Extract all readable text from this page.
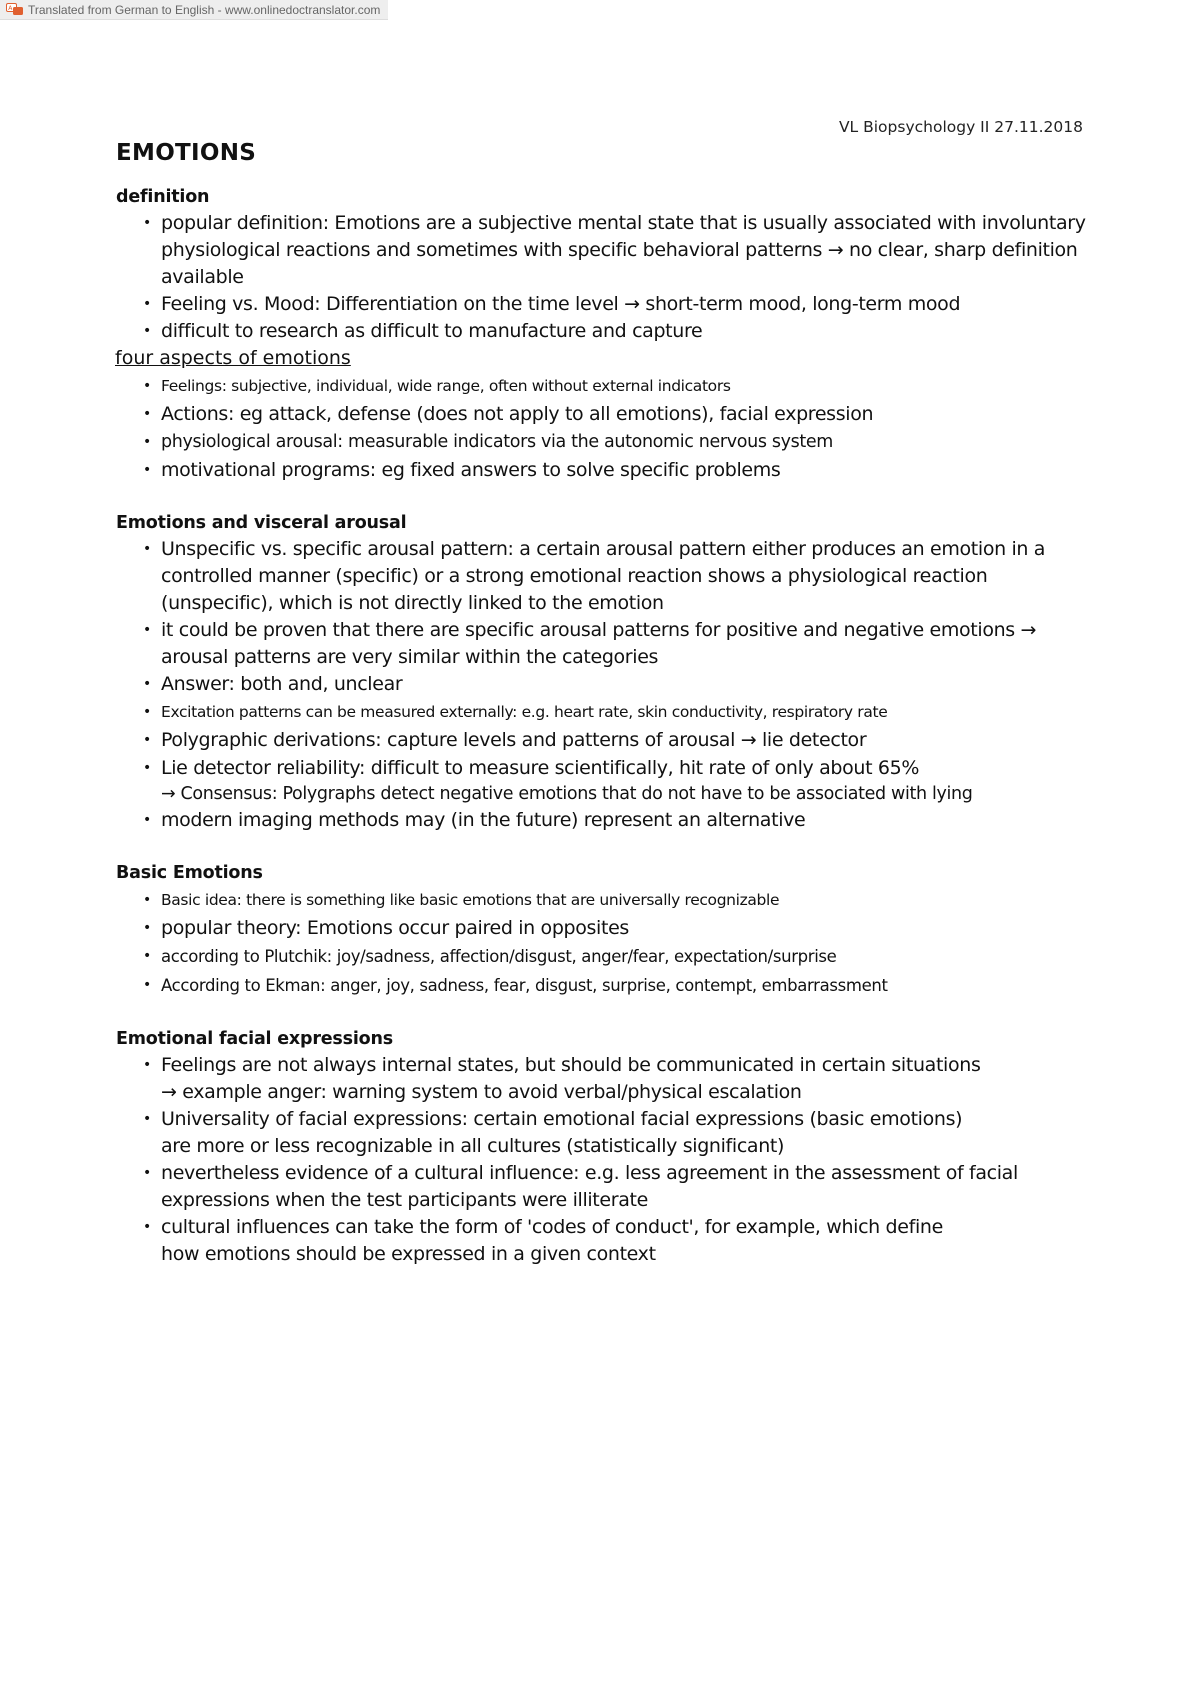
A Translated from German to English - www.onlinedoctranslator.com
VL Biopsychology II 27.11.2018
EMOTIONS
definition
• popular definition: Emotions are a subjective mental state that is usually associated with involuntary physiological reactions and sometimes with specific behavioral patterns → no clear, sharp definition available
• Feeling vs. Mood: Differentiation on the time level → short-term mood, long-term mood
• difficult to research as difficult to manufacture and capture
four aspects of emotions
• Feelings: subjective, individual, wide range, often without external indicators
• Actions: eg attack, defense (does not apply to all emotions), facial expression
• physiological arousal: measurable indicators via the autonomic nervous system
• motivational programs: eg fixed answers to solve specific problems
Emotions and visceral arousal
• Unspecific vs. specific arousal pattern: a certain arousal pattern either produces an emotion in a controlled manner (specific) or a strong emotional reaction shows a physiological reaction (unspecific), which is not directly linked to the emotion
• it could be proven that there are specific arousal patterns for positive and negative emotions → arousal patterns are very similar within the categories
• Answer: both and, unclear
• Excitation patterns can be measured externally: e.g. heart rate, skin conductivity, respiratory rate
• Polygraphic derivations: capture levels and patterns of arousal → lie detector
• Lie detector reliability: difficult to measure scientifically, hit rate of only about 65%
→ Consensus: Polygraphs detect negative emotions that do not have to be associated with lying
• modern imaging methods may (in the future) represent an alternative
Basic Emotions
• Basic idea: there is something like basic emotions that are universally recognizable
• popular theory: Emotions occur paired in opposites
• according to Plutchik: joy/sadness, affection/disgust, anger/fear, expectation/surprise
• According to Ekman: anger, joy, sadness, fear, disgust, surprise, contempt, embarrassment
Emotional facial expressions
• Feelings are not always internal states, but should be communicated in certain situations
→ example anger: warning system to avoid verbal/physical escalation
• Universality of facial expressions: certain emotional facial expressions (basic emotions)
are more or less recognizable in all cultures (statistically significant)
• nevertheless evidence of a cultural influence: e.g. less agreement in the assessment of facial expressions when the test participants were illiterate
• cultural influences can take the form of 'codes of conduct', for example, which define
how emotions should be expressed in a given context
